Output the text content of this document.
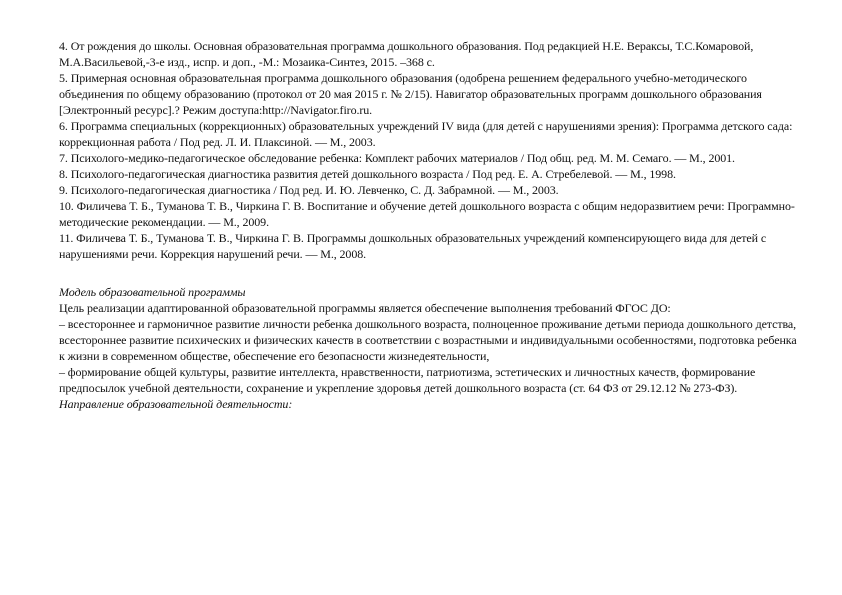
4. От рождения до школы. Основная образовательная программа дошкольного образования. Под редакцией Н.Е. Вераксы, Т.С.Комаровой, М.А.Васильевой,-3-е изд., испр. и доп., -М.: Мозаика-Синтез, 2015. –368 с.

5. Примерная основная образовательная программа дошкольного образования (одобрена решением федерального учебно-методического объединения по общему образованию (протокол от 20 мая 2015 г. № 2/15). Навигатор образовательных программ дошкольного образования [Электронный ресурс].? Режим доступа:http://Navigator.firo.ru.

6. Программа специальных (коррекционных) образовательных учреждений IV вида (для детей с нарушениями зрения): Программа детского сада: коррекционная работа / Под ред. Л. И. Плаксиной. — М., 2003.

7. Психолого-медико-педагогическое обследование ребенка: Комплект рабочих материалов / Под общ. ред. М. М. Семаго. — М., 2001.

8. Психолого-педагогическая диагностика развития детей дошкольного возраста / Под ред. Е. А. Стребелевой. — М., 1998.

9. Психолого-педагогическая диагностика / Под ред. И. Ю. Левченко, С. Д. Забрамной. — М., 2003.

10. Филичева Т. Б., Туманова Т. В., Чиркина Г. В. Воспитание и обучение детей дошкольного возраста с общим недоразвитием речи: Программно-методические рекомендации. — М., 2009.

11. Филичева Т. Б., Туманова Т. В., Чиркина Г. В. Программы дошкольных образовательных учреждений компенсирующего вида для детей с нарушениями речи. Коррекция нарушений речи. — М., 2008.

Модель образовательной программы

Цель реализации адаптированной образовательной программы является обеспечение выполнения требований ФГОС ДО:

– всестороннее и гармоничное развитие личности ребенка дошкольного возраста, полноценное проживание детьми периода дошкольного детства, всестороннее развитие психических и физических качеств в соответствии с возрастными и индивидуальными особенностями, подготовка ребенка к жизни в современном обществе, обеспечение его безопасности жизнедеятельности,

– формирование общей культуры, развитие интеллекта, нравственности, патриотизма, эстетических и личностных качеств, формирование предпосылок учебной деятельности, сохранение и укрепление здоровья детей дошкольного возраста (ст. 64 ФЗ от 29.12.12 № 273-ФЗ).

Направление образовательной деятельности:
